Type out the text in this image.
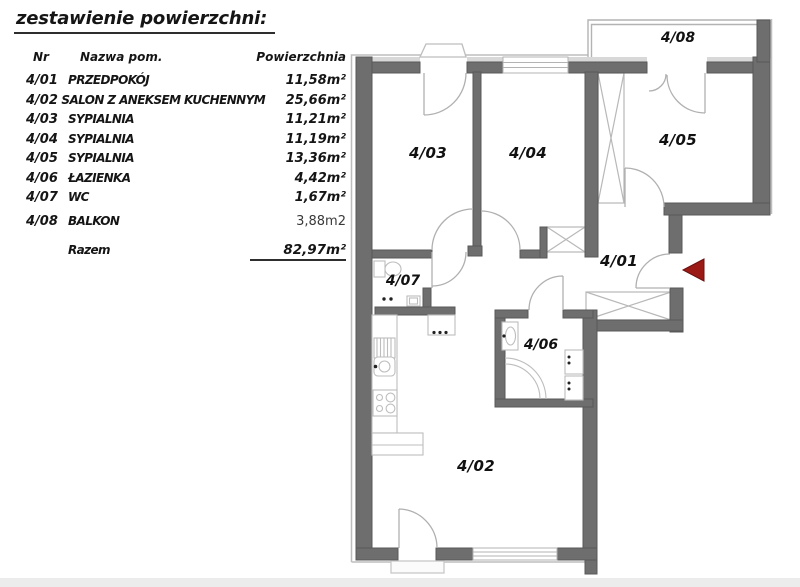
zestawienie powierzchni:
Nr	Nazwa pom.	Powierzchnia
4/01 PRZEDPOKÓJ	11,58m²
4/02 SALON Z ANEKSEM KUCHENNYM	25,66m²
4/03 SYPIALNIA	11,21m²
4/04 SYPIALNIA	11,19m²
4/05 SYPIALNIA	13,36m²
4/06 ŁAZIENKA	4,42m²
4/07 WC	1,67m²
4/08 BALKON	3,88m2
Razem	82,97m²
4/03	4/04
4/05
4/08
4/01
4/07
4/06
4/02
